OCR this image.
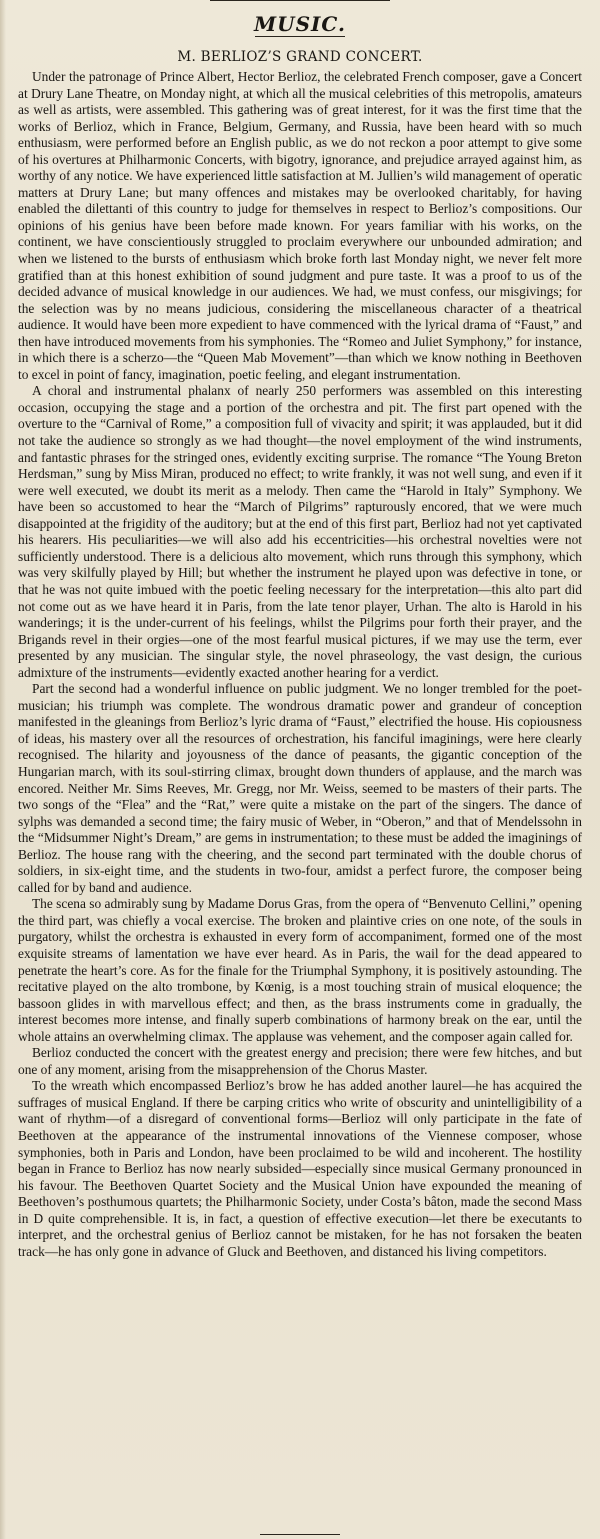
MUSIC.
M. BERLIOZ’S GRAND CONCERT.

Under the patronage of Prince Albert, Hector Berlioz, the celebrated French composer, gave a Concert at Drury Lane Theatre, on Monday night, at which all the musical celebrities of this metropolis, amateurs as well as artists, were assembled. This gathering was of great interest, for it was the first time that the works of Berlioz, which in France, Belgium, Germany, and Russia, have been heard with so much enthusiasm, were performed before an English public, as we do not reckon a poor attempt to give some of his overtures at Philharmonic Concerts, with bigotry, ignorance, and prejudice arrayed against him, as worthy of any notice. We have experienced little satisfaction at M. Jullien’s wild management of operatic matters at Drury Lane; but many offences and mistakes may be overlooked charitably, for having enabled the dilettanti of this country to judge for themselves in respect to Berlioz’s compositions. Our opinions of his genius have been before made known. For years familiar with his works, on the continent, we have conscientiously struggled to proclaim everywhere our unbounded admiration; and when we listened to the bursts of enthusiasm which broke forth last Monday night, we never felt more gratified than at this honest exhibition of sound judgment and pure taste. It was a proof to us of the decided advance of musical knowledge in our audiences. We had, we must confess, our misgivings; for the selection was by no means judicious, considering the miscellaneous character of a theatrical audience. It would have been more expedient to have commenced with the lyrical drama of “Faust,” and then have introduced movements from his symphonies. The “Romeo and Juliet Symphony,” for instance, in which there is a scherzo—the “Queen Mab Movement”—than which we know nothing in Beethoven to excel in point of fancy, imagination, poetic feeling, and elegant instrumentation.

A choral and instrumental phalanx of nearly 250 performers was assembled on this interesting occasion, occupying the stage and a portion of the orchestra and pit. The first part opened with the overture to the “Carnival of Rome,” a composition full of vivacity and spirit; it was applauded, but it did not take the audience so strongly as we had thought—the novel employment of the wind instruments, and fantastic phrases for the stringed ones, evidently exciting surprise. The romance “The Young Breton Herdsman,” sung by Miss Miran, produced no effect; to write frankly, it was not well sung, and even if it were well executed, we doubt its merit as a melody. Then came the “Harold in Italy” Symphony. We have been so accustomed to hear the “March of Pilgrims” rapturously encored, that we were much disappointed at the frigidity of the auditory; but at the end of this first part, Berlioz had not yet captivated his hearers. His peculiarities—we will also add his eccentricities—his orchestral novelties were not sufficiently understood. There is a delicious alto movement, which runs through this symphony, which was very skilfully played by Hill; but whether the instrument he played upon was defective in tone, or that he was not quite imbued with the poetic feeling necessary for the interpretation—this alto part did not come out as we have heard it in Paris, from the late tenor player, Urhan. The alto is Harold in his wanderings; it is the under-current of his feelings, whilst the Pilgrims pour forth their prayer, and the Brigands revel in their orgies—one of the most fearful musical pictures, if we may use the term, ever presented by any musician. The singular style, the novel phraseology, the vast design, the curious admixture of the instruments—evidently exacted another hearing for a verdict.

Part the second had a wonderful influence on public judgment. We no longer trembled for the poet-musician; his triumph was complete. The wondrous dramatic power and grandeur of conception manifested in the gleanings from Berlioz’s lyric drama of “Faust,” electrified the house. His copiousness of ideas, his mastery over all the resources of orchestration, his fanciful imaginings, were here clearly recognised. The hilarity and joyousness of the dance of peasants, the gigantic conception of the Hungarian march, with its soul-stirring climax, brought down thunders of applause, and the march was encored. Neither Mr. Sims Reeves, Mr. Gregg, nor Mr. Weiss, seemed to be masters of their parts. The two songs of the “Flea” and the “Rat,” were quite a mistake on the part of the singers. The dance of sylphs was demanded a second time; the fairy music of Weber, in “Oberon,” and that of Mendelssohn in the “Midsummer Night’s Dream,” are gems in instrumentation; to these must be added the imaginings of Berlioz. The house rang with the cheering, and the second part terminated with the double chorus of soldiers, in six-eight time, and the students in two-four, amidst a perfect furore, the composer being called for by band and audience.

The scena so admirably sung by Madame Dorus Gras, from the opera of “Benvenuto Cellini,” opening the third part, was chiefly a vocal exercise. The broken and plaintive cries on one note, of the souls in purgatory, whilst the orchestra is exhausted in every form of accompaniment, formed one of the most exquisite streams of lamentation we have ever heard. As in Paris, the wail for the dead appeared to penetrate the heart’s core. As for the finale for the Triumphal Symphony, it is positively astounding. The recitative played on the alto trombone, by Kœnig, is a most touching strain of musical eloquence; the bassoon glides in with marvellous effect; and then, as the brass instruments come in gradually, the interest becomes more intense, and finally superb combinations of harmony break on the ear, until the whole attains an overwhelming climax. The applause was vehement, and the composer again called for.

Berlioz conducted the concert with the greatest energy and precision; there were few hitches, and but one of any moment, arising from the misapprehension of the Chorus Master.

To the wreath which encompassed Berlioz’s brow he has added another laurel—he has acquired the suffrages of musical England. If there be carping critics who write of obscurity and unintelligibility of a want of rhythm—of a disregard of conventional forms—Berlioz will only participate in the fate of Beethoven at the appearance of the instrumental innovations of the Viennese composer, whose symphonies, both in Paris and London, have been proclaimed to be wild and incoherent. The hostility began in France to Berlioz has now nearly subsided—especially since musical Germany pronounced in his favour. The Beethoven Quartet Society and the Musical Union have expounded the meaning of Beethoven’s posthumous quartets; the Philharmonic Society, under Costa’s bâton, made the second Mass in D quite comprehensible. It is, in fact, a question of effective execution—let there be executants to interpret, and the orchestral genius of Berlioz cannot be mistaken, for he has not forsaken the beaten track—he has only gone in advance of Gluck and Beethoven, and distanced his living competitors.
